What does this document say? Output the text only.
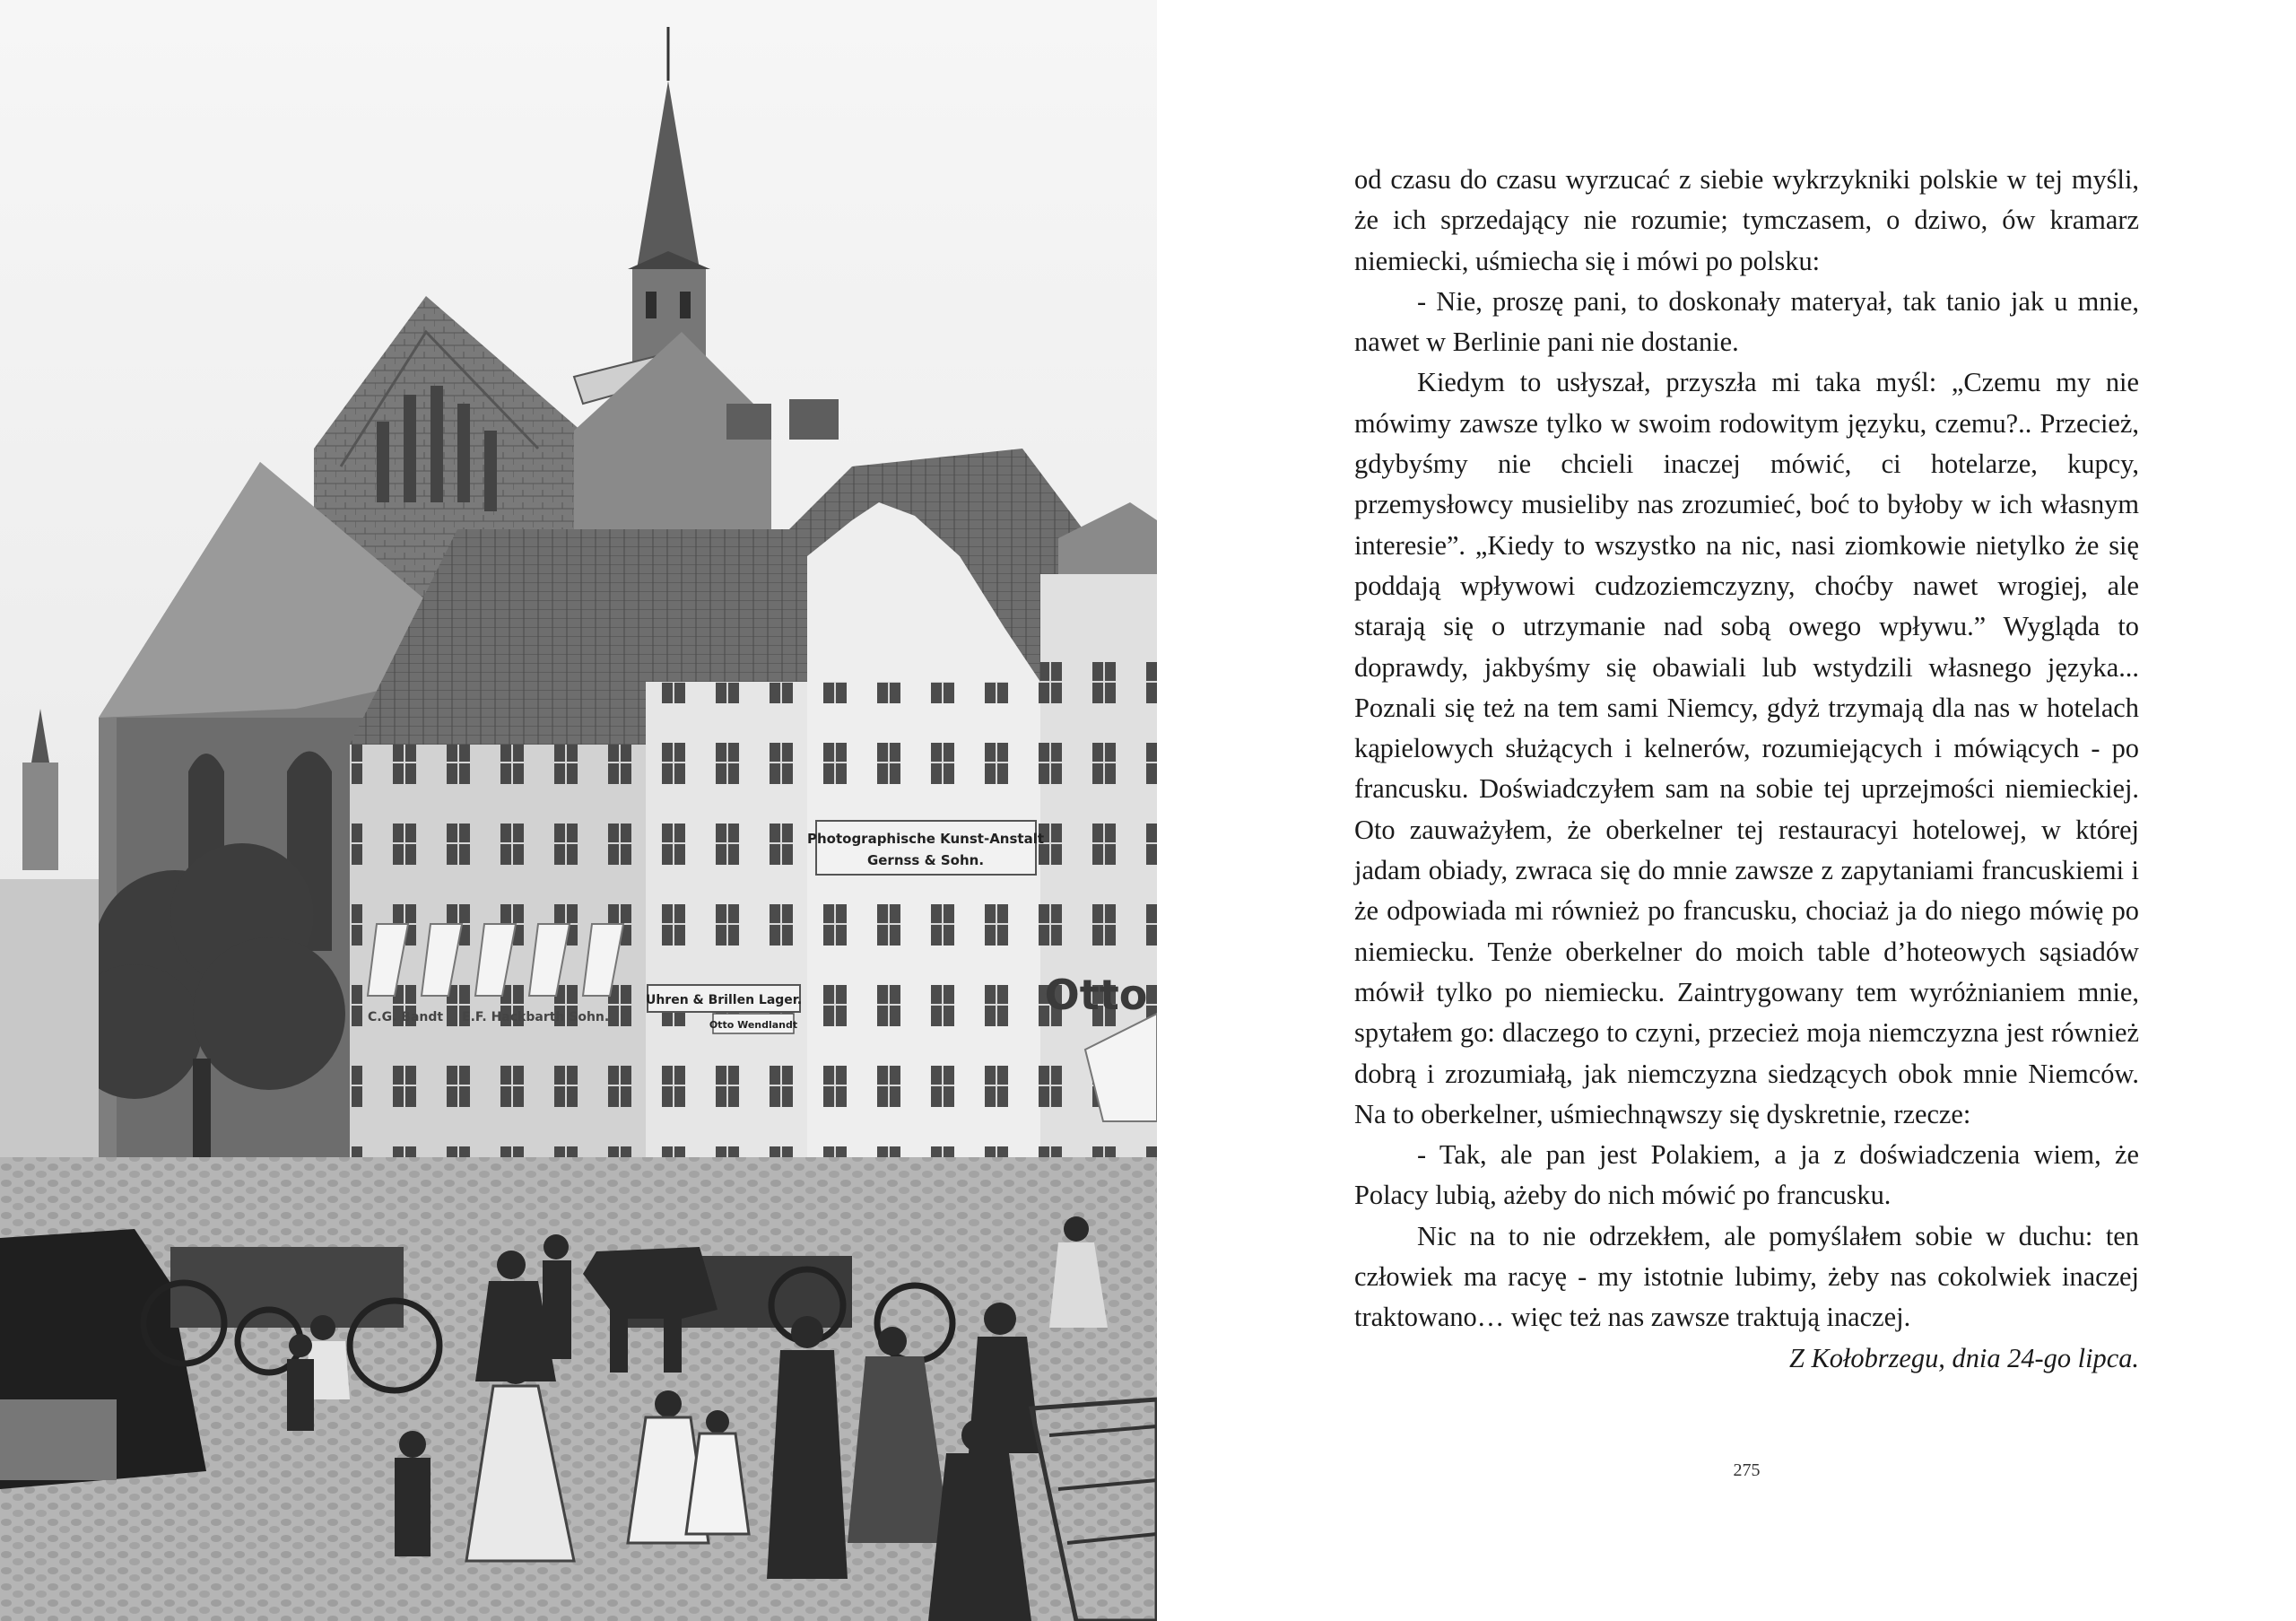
Photographische Kunst-Anstalt
Gernss & Sohn.
Uhren & Brillen Lager.
Otto Wendlandt
Otto
C.G. Bandt E.F. Hackbarth Sohn.

od czasu do czasu wyrzucać z siebie wykrzykniki polskie w tej myśli, że ich sprzedający nie rozumie; tymczasem, o dziwo, ów kramarz niemiecki, uśmiecha się i mówi po polsku:

- Nie, proszę pani, to doskonały materyał, tak tanio jak u mnie, nawet w Berlinie pani nie dostanie.

Kiedym to usłyszał, przyszła mi taka myśl: „Czemu my nie mówimy zawsze tylko w swoim rodowitym języku, czemu?.. Przecież, gdybyśmy nie chcieli inaczej mówić, ci hotelarze, kupcy, przemysłowcy musieliby nas zrozumieć, boć to byłoby w ich własnym interesie”. „Kiedy to wszystko na nic, nasi ziomkowie nietylko że się poddają wpływowi cudzoziemczyzny, choćby nawet wrogiej, ale starają się o utrzymanie nad sobą owego wpływu.” Wygląda to doprawdy, jakbyśmy się obawiali lub wstydzili własnego języka... Poznali się też na tem sami Niemcy, gdyż trzymają dla nas w hotelach kąpielowych służących i kelnerów, rozumiejących i mówiących - po francusku. Doświadczyłem sam na sobie tej uprzejmości niemieckiej. Oto zauważyłem, że oberkelner tej restauracyi hotelowej, w której jadam obiady, zwraca się do mnie zawsze z zapytaniami francuskiemi i że odpowiada mi również po francusku, chociaż ja do niego mówię po niemiecku. Tenże oberkelner do moich table d’hoteowych sąsiadów mówił tylko po niemiecku. Zaintrygowany tem wyróżnianiem mnie, spytałem go: dlaczego to czyni, przecież moja niemczyzna jest również dobrą i zrozumiałą, jak niemczyzna siedzących obok mnie Niemców. Na to oberkelner, uśmiechnąwszy się dyskretnie, rzecze:

- Tak, ale pan jest Polakiem, a ja z doświadczenia wiem, że Polacy lubią, ażeby do nich mówić po francusku.

Nic na to nie odrzekłem, ale pomyślałem sobie w duchu: ten człowiek ma racyę - my istotnie lubimy, żeby nas cokolwiek inaczej traktowano… więc też nas zawsze traktują inaczej.

Z Kołobrzegu, dnia 24-go lipca.

275
